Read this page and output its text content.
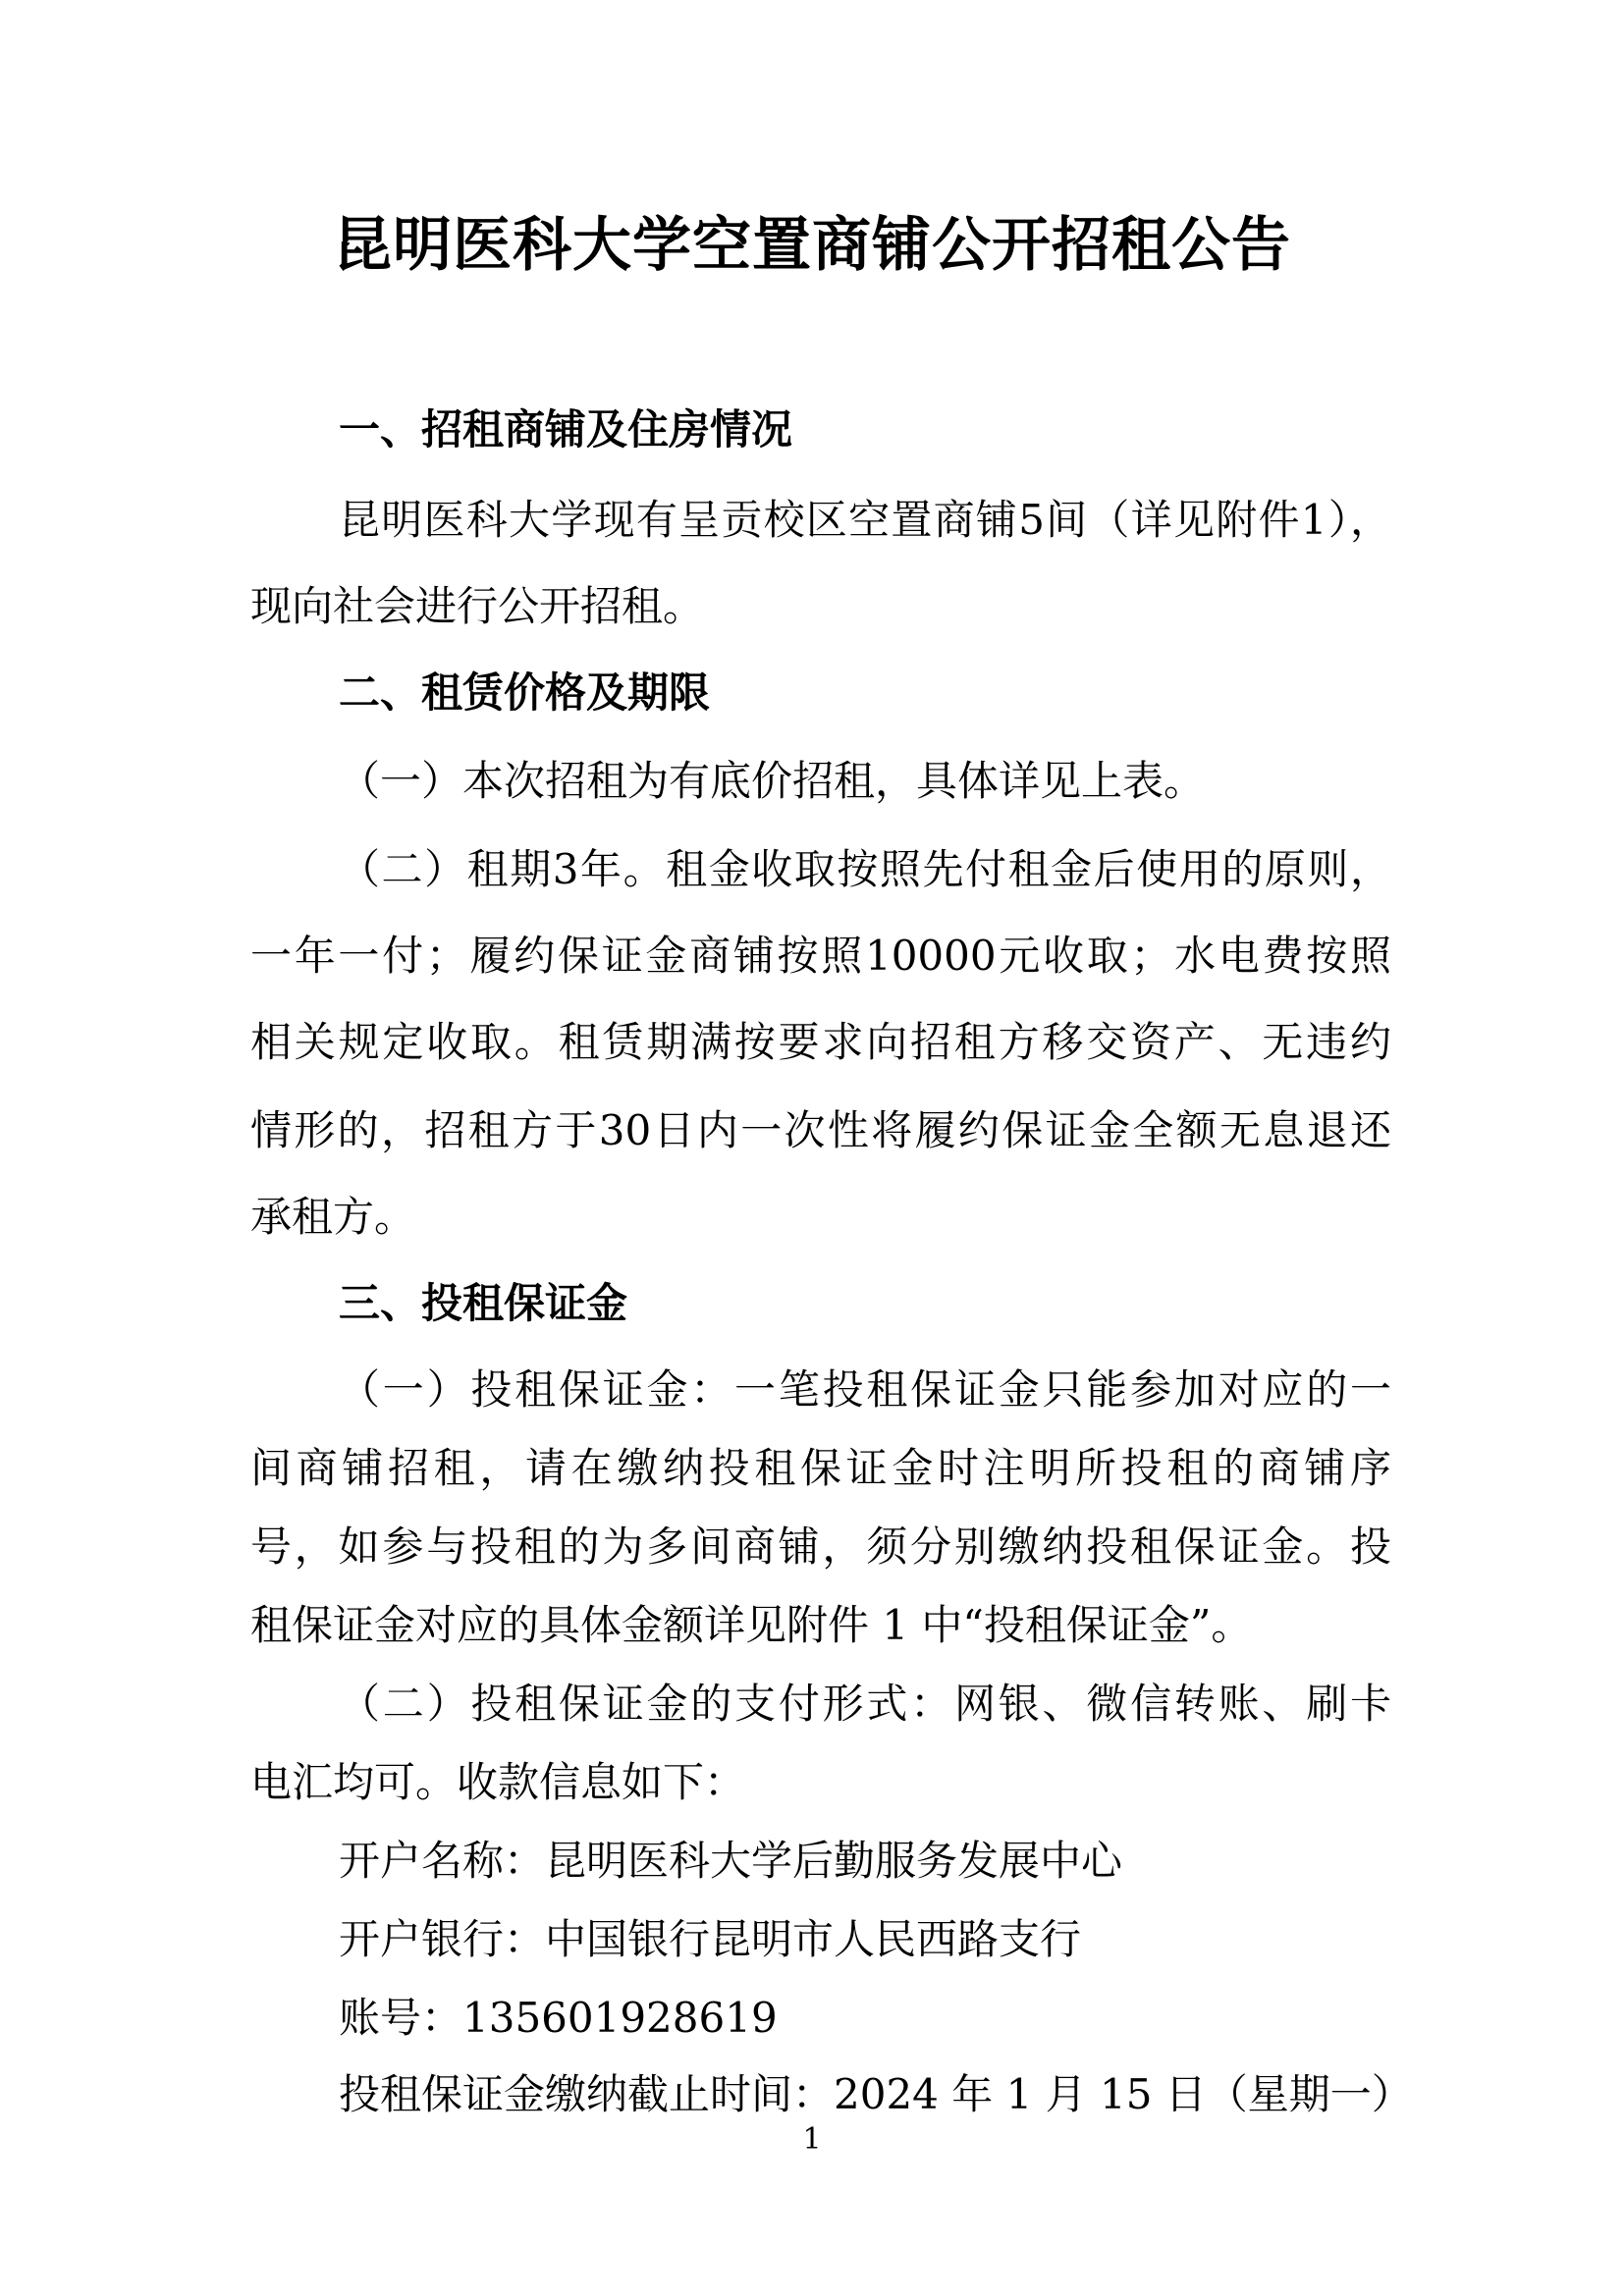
昆明医科大学空置商铺公开招租公告

一、招租商铺及住房情况

昆明医科大学现有呈贡校区空置商铺5间（详见附件1），

现向社会进行公开招租。

二、租赁价格及期限

（一）本次招租为有底价招租，具体详见上表。

（二）租期3年。租金收取按照先付租金后使用的原则，

一年一付；履约保证金商铺按照10000元收取；水电费按照

相关规定收取。租赁期满按要求向招租方移交资产、无违约

情形的，招租方于30日内一次性将履约保证金全额无息退还

承租方。

三、投租保证金

（一）投租保证金：一笔投租保证金只能参加对应的一

间商铺招租，请在缴纳投租保证金时注明所投租的商铺序

号，如参与投租的为多间商铺，须分别缴纳投租保证金。投

租保证金对应的具体金额详见附件 1 中“投租保证金”。

（二）投租保证金的支付形式：网银、微信转账、刷卡

电汇均可。收款信息如下：

开户名称：昆明医科大学后勤服务发展中心

开户银行：中国银行昆明市人民西路支行

账号：135601928619

投租保证金缴纳截止时间：2024 年 1 月 15 日（星期一）

1
